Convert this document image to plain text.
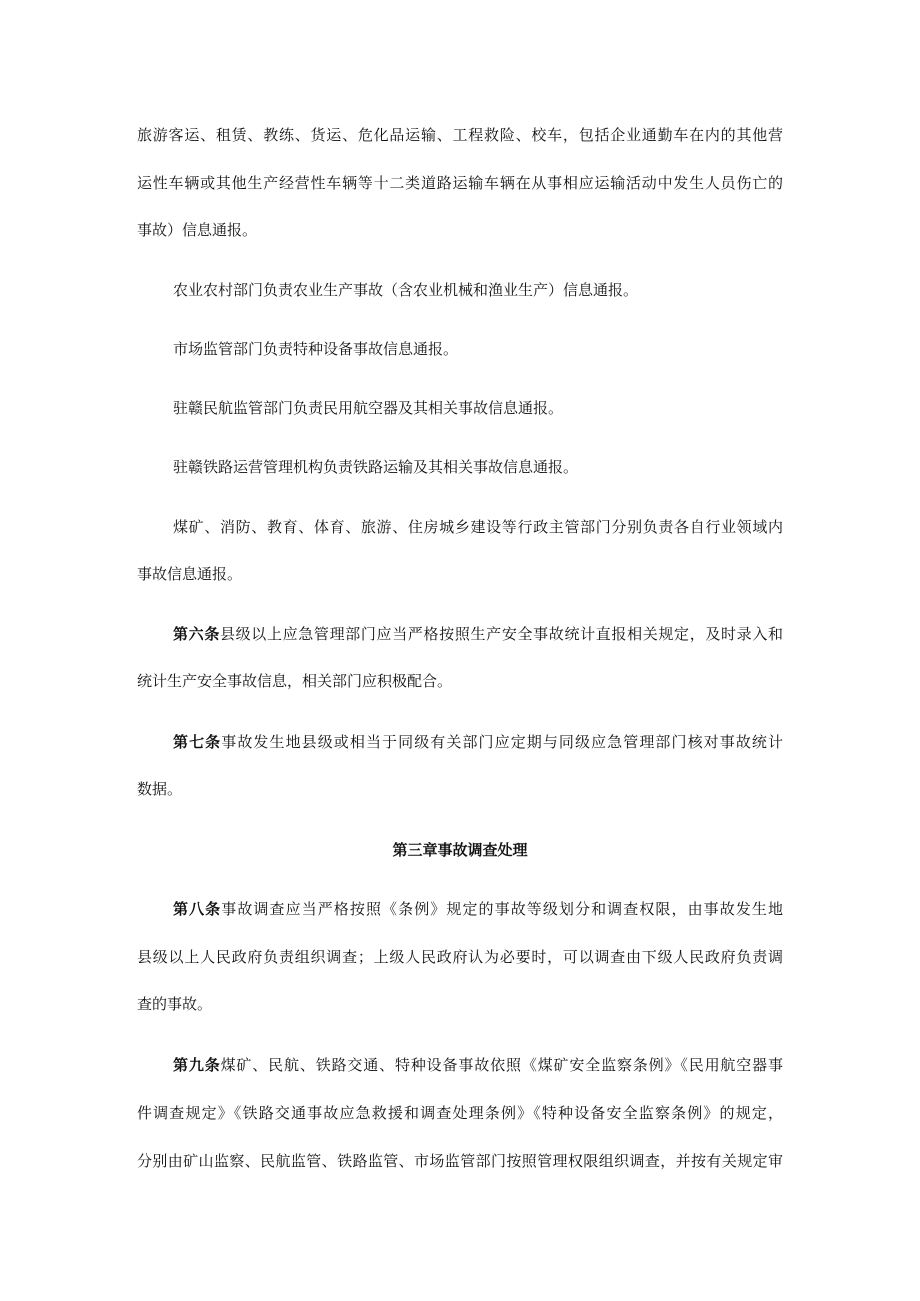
旅游客运、租赁、教练、货运、危化品运输、工程救险、校车，包括企业通勤车在内的其他营
运性车辆或其他生产经营性车辆等十二类道路运输车辆在从事相应运输活动中发生人员伤亡的
事故）信息通报。
农业农村部门负责农业生产事故（含农业机械和渔业生产）信息通报。
市场监管部门负责特种设备事故信息通报。
驻赣民航监管部门负责民用航空器及其相关事故信息通报。
驻赣铁路运营管理机构负责铁路运输及其相关事故信息通报。
煤矿、消防、教育、体育、旅游、住房城乡建设等行政主管部门分别负责各自行业领域内
事故信息通报。
第六条县级以上应急管理部门应当严格按照生产安全事故统计直报相关规定，及时录入和
统计生产安全事故信息，相关部门应积极配合。
第七条事故发生地县级或相当于同级有关部门应定期与同级应急管理部门核对事故统计
数据。
第三章事故调查处理
第八条事故调查应当严格按照《条例》规定的事故等级划分和调查权限，由事故发生地
县级以上人民政府负责组织调查；上级人民政府认为必要时，可以调查由下级人民政府负责调
查的事故。
第九条煤矿、民航、铁路交通、特种设备事故依照《煤矿安全监察条例》《民用航空器事
件调查规定》《铁路交通事故应急救援和调查处理条例》《特种设备安全监察条例》的规定，
分别由矿山监察、民航监管、铁路监管、市场监管部门按照管理权限组织调查，并按有关规定审
